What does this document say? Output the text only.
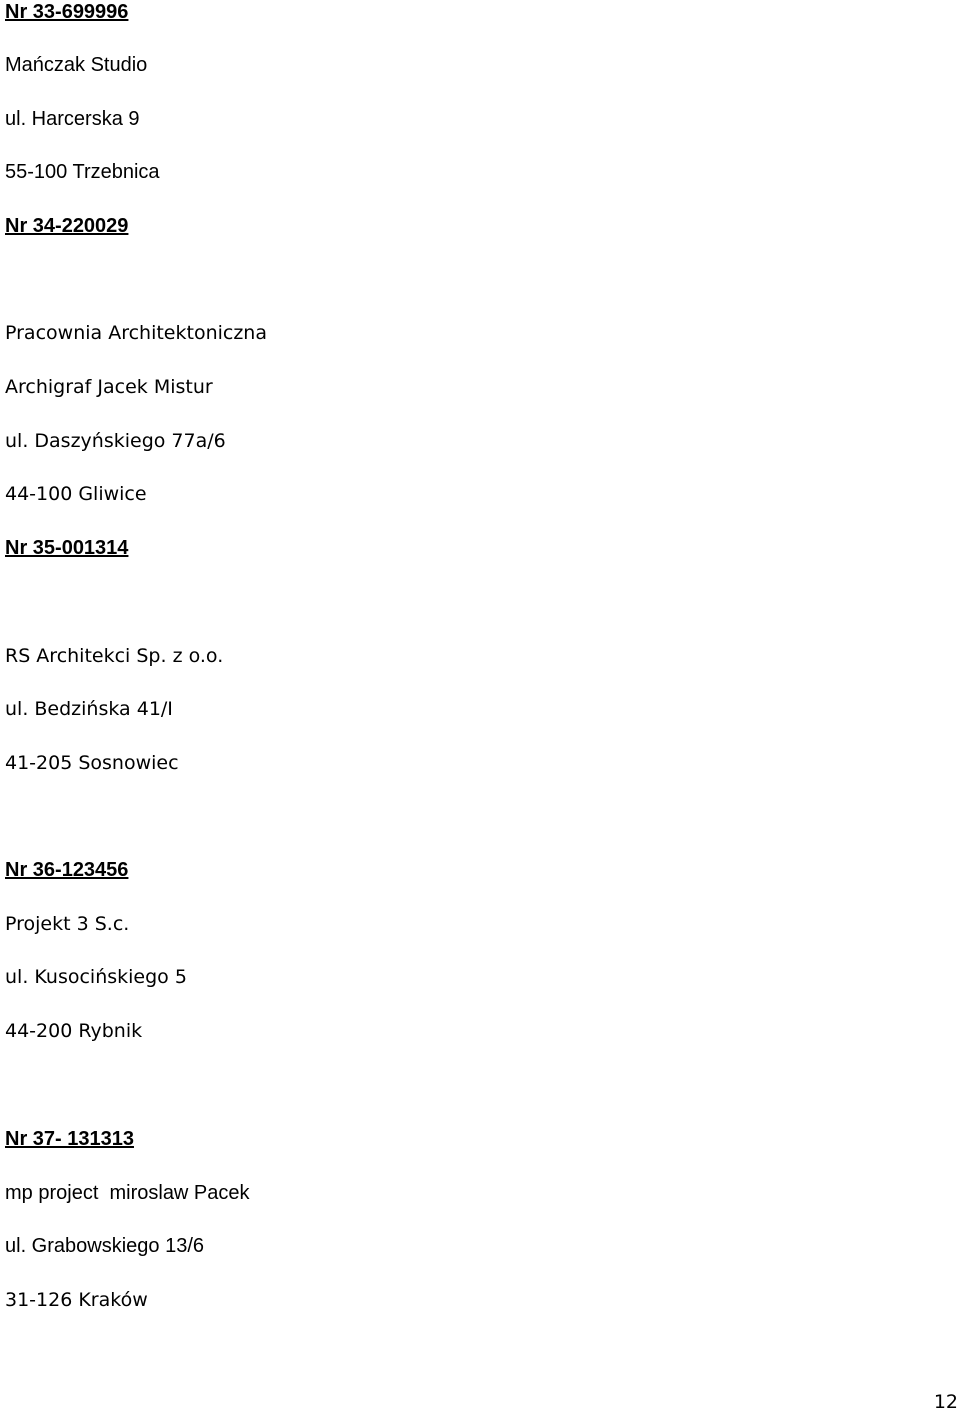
Nr 33-699996
Mańczak Studio
ul. Harcerska 9
55-100 Trzebnica
Nr 34-220029
Pracownia Architektoniczna
Archigraf Jacek Mistur
ul. Daszyńskiego 77a/6
44-100 Gliwice
Nr 35-001314
RS Architekci Sp. z o.o.
ul. Bedzińska 41/I
41-205 Sosnowiec
Nr 36-123456
Projekt 3 S.c.
ul. Kusocińskiego 5
44-200 Rybnik
Nr 37- 131313
mp project  miroslaw Pacek
ul. Grabowskiego 13/6
31-126 Kraków
12
